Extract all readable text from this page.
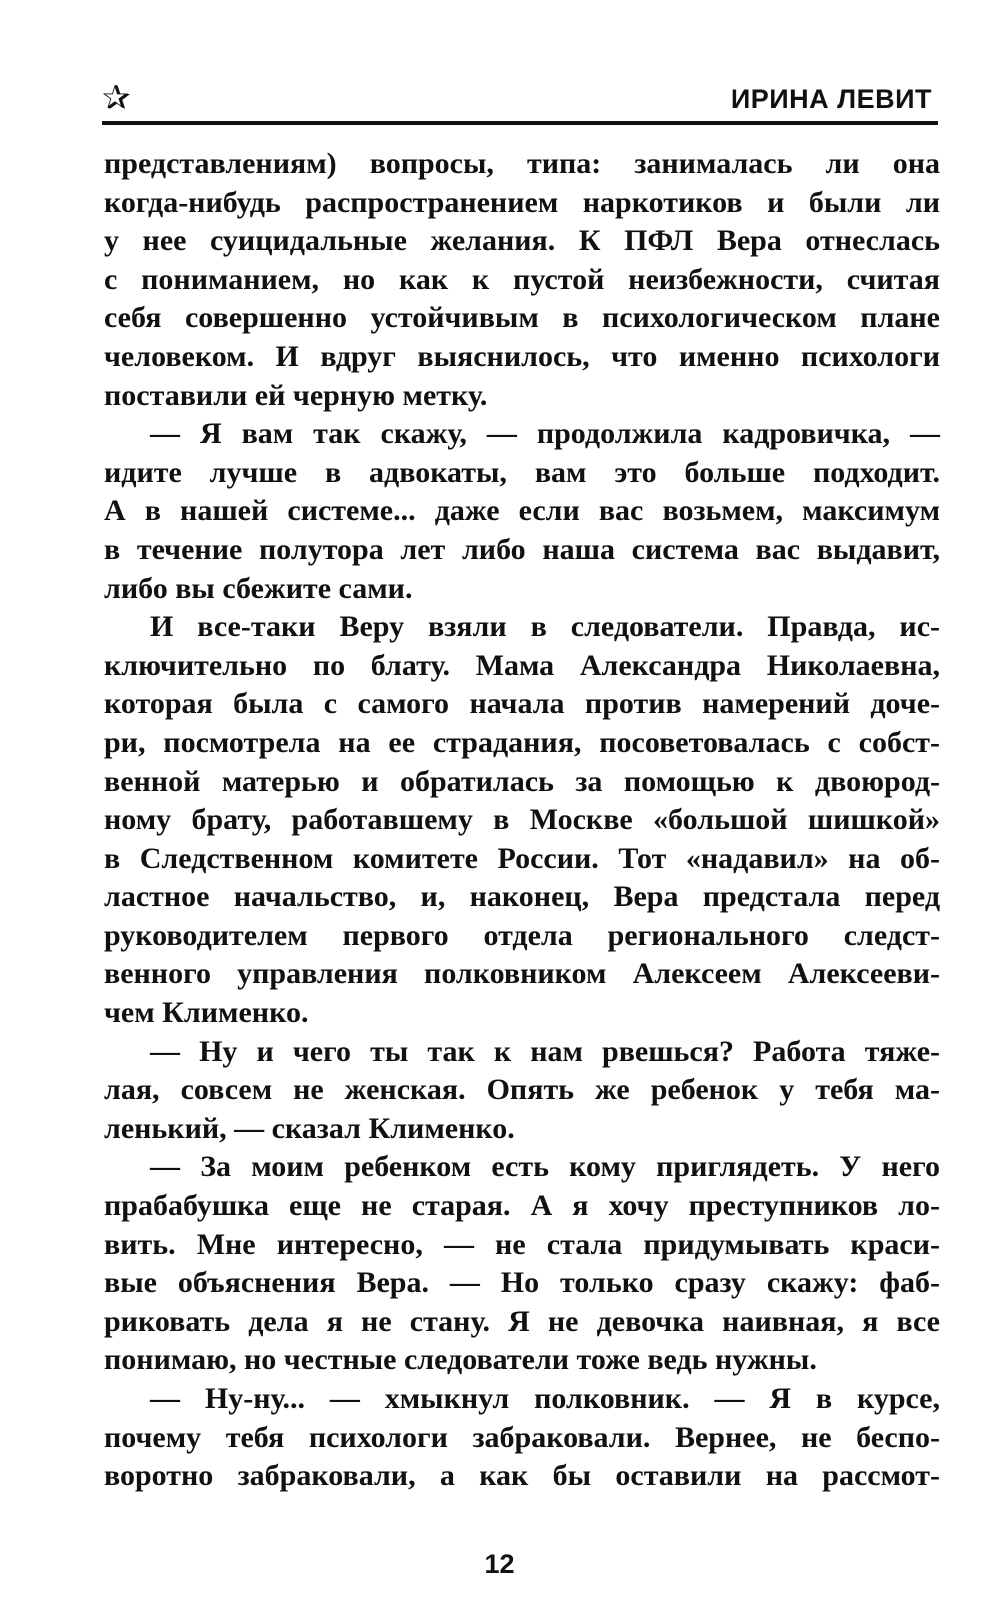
✰	ИРИНА ЛЕВИТ
представлениям) вопросы, типа: занималась ли она
когда-нибудь распространением наркотиков и были ли
у нее суицидальные желания. К ПФЛ Вера отнеслась
с пониманием, но как к пустой неизбежности, считая
себя совершенно устойчивым в психологическом плане
человеком. И вдруг выяснилось, что именно психологи
поставили ей черную метку.
— Я вам так скажу, — продолжила кадровичка, —
идите лучше в адвокаты, вам это больше подходит.
А в нашей системе... даже если вас возьмем, максимум
в течение полутора лет либо наша система вас выдавит,
либо вы сбежите сами.
И все-таки Веру взяли в следователи. Правда, ис-
ключительно по блату. Мама Александра Николаевна,
которая была с самого начала против намерений доче-
ри, посмотрела на ее страдания, посоветовалась с собст-
венной матерью и обратилась за помощью к двоюрод-
ному брату, работавшему в Москве «большой шишкой»
в Следственном комитете России. Тот «надавил» на об-
ластное начальство, и, наконец, Вера предстала перед
руководителем первого отдела регионального следст-
венного управления полковником Алексеем Алексееви-
чем Клименко.
— Ну и чего ты так к нам рвешься? Работа тяже-
лая, совсем не женская. Опять же ребенок у тебя ма-
ленький, — сказал Клименко.
— За моим ребенком есть кому приглядеть. У него
прабабушка еще не старая. А я хочу преступников ло-
вить. Мне интересно, — не стала придумывать краси-
вые объяснения Вера. — Но только сразу скажу: фаб-
риковать дела я не стану. Я не девочка наивная, я все
понимаю, но честные следователи тоже ведь нужны.
— Ну-ну... — хмыкнул полковник. — Я в курсе,
почему тебя психологи забраковали. Вернее, не беспо-
воротно забраковали, а как бы оставили на рассмот-
12
